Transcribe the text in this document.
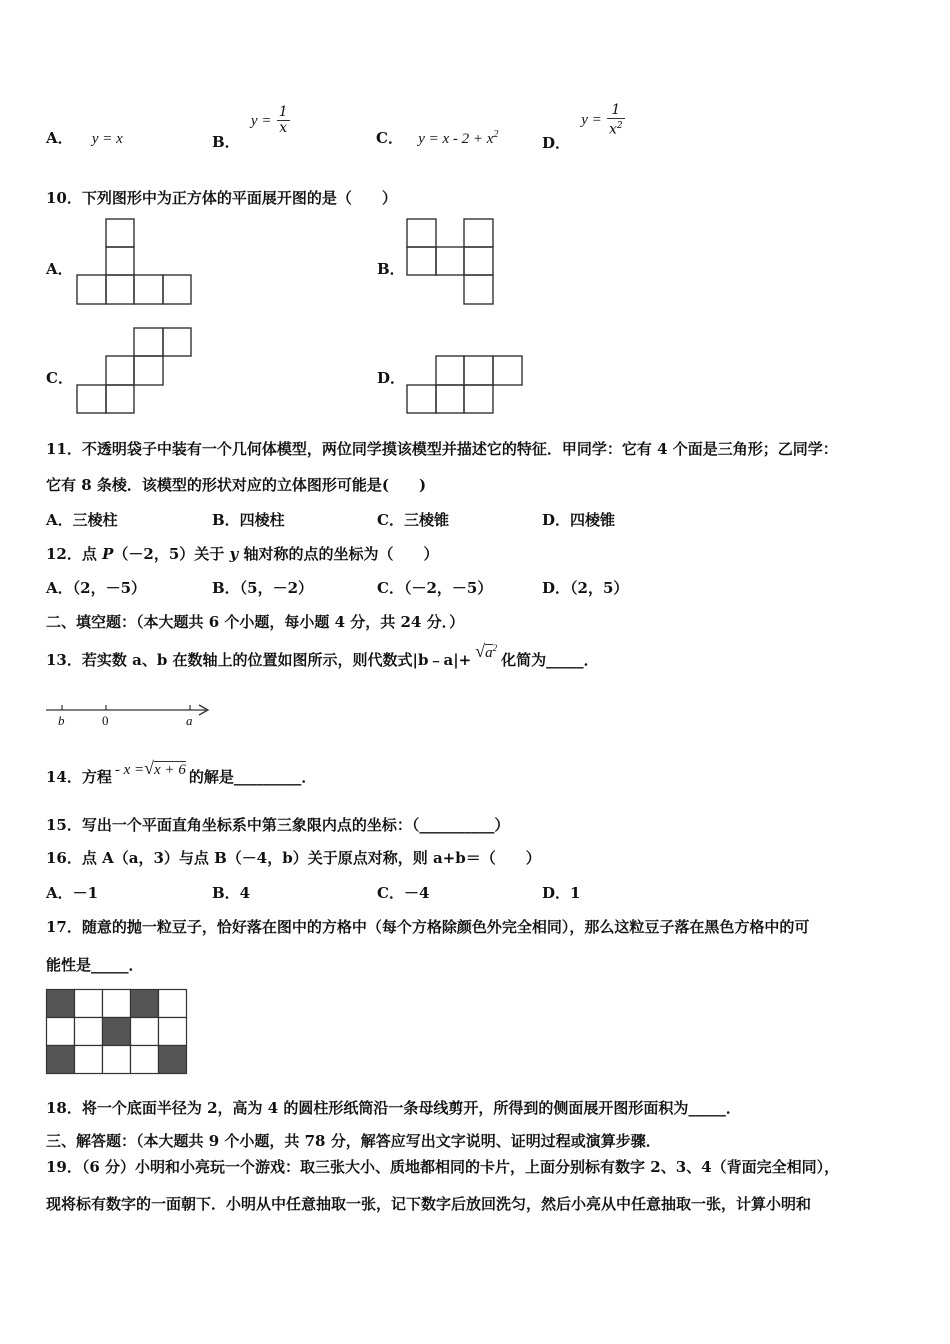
A． y = x	B． $y = \frac{1}{x}$
C． $y = x - 2 + x^2$	D． $y = \frac{1}{x^2}$
10．下列图形中为正方体的平面展开图的是（　　）
A．	B．
C．	D．
11．不透明袋子中装有一个几何体模型，两位同学摸该模型并描述它的特征．甲同学：它有 4 个面是三角形；乙同学：
它有 8 条棱．该模型的形状对应的立体图形可能是(　　)
A．三棱柱	B．四棱柱	C．三棱锥	D．四棱锥
12．点 P（－2，5）关于 y 轴对称的点的坐标为（　　）
A．（2，－5）	B．（5，－2）	C．（－2，－5）	D．（2，5）
二、填空题：（本大题共 6 个小题，每小题 4 分，共 24 分．）
13．若实数 a、b 在数轴上的位置如图所示，则代数式|b﹣a|+ $√a^2$化简为_____．
b	0	a
14．方程 - x =√x + 6 的解是_________．
15．写出一个平面直角坐标系中第三象限内点的坐标：（__________）
16．点 A（a，3）与点 B（－4，b）关于原点对称，则 a+b＝（　　）
A．－1	B．4	C．－4	D．1
17．随意的抛一粒豆子，恰好落在图中的方格中（每个方格除颜色外完全相同），那么这粒豆子落在黑色方格中的可
能性是_____．
18．将一个底面半径为 2，高为 4 的圆柱形纸筒沿一条母线剪开，所得到的侧面展开图形面积为_____．
三、解答题：（本大题共 9 个小题，共 78 分，解答应写出文字说明、证明过程或演算步骤．
19．（6 分）小明和小亮玩一个游戏：取三张大小、质地都相同的卡片，上面分别标有数字 2、3、4（背面完全相同），
现将标有数字的一面朝下．小明从中任意抽取一张，记下数字后放回洗匀，然后小亮从中任意抽取一张，计算小明和
